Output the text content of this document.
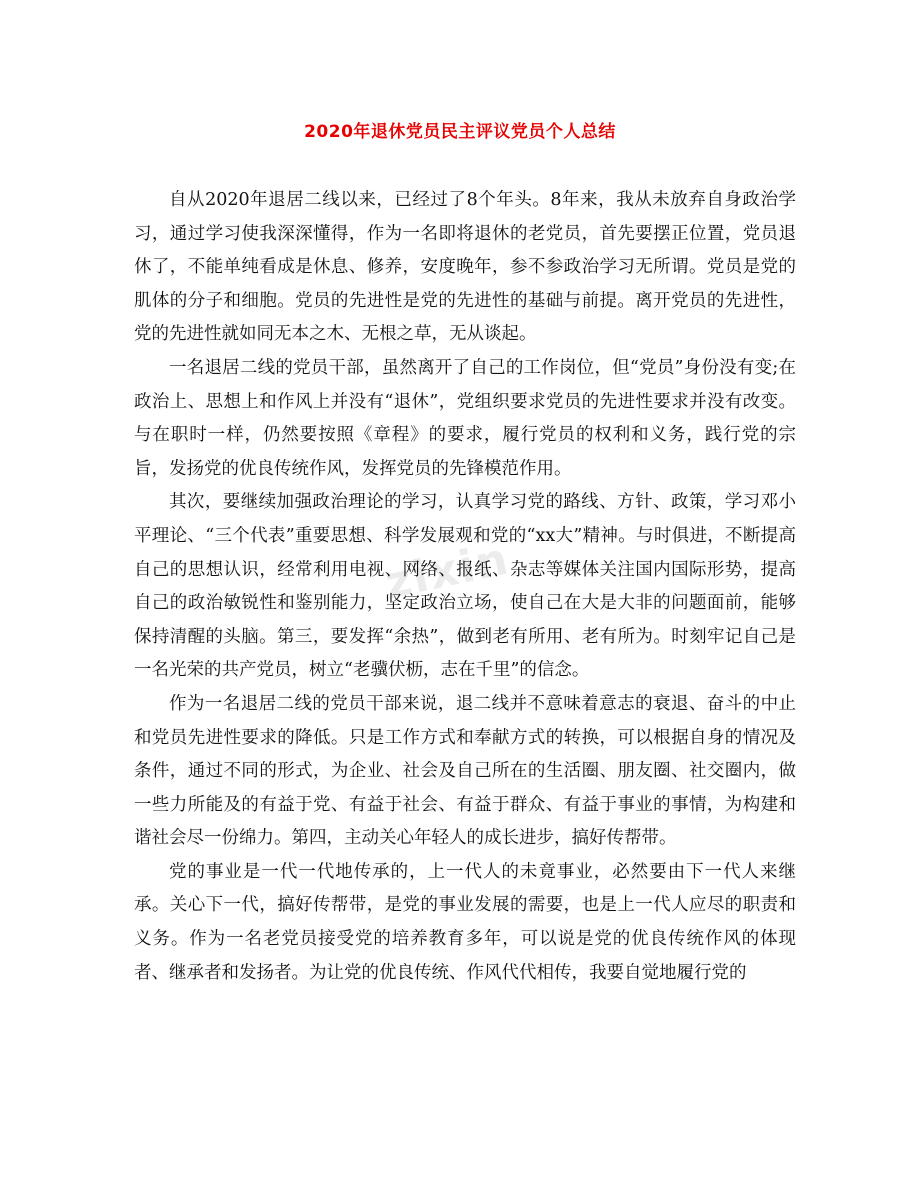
2020年退休党员民主评议党员个人总结
zixin

自从2020年退居二线以来，已经过了8个年头。8年来，我从未放弃自身政治学习，通过学习使我深深懂得，作为一名即将退休的老党员，首先要摆正位置，党员退休了，不能单纯看成是休息、修养，安度晚年，参不参政治学习无所谓。党员是党的肌体的分子和细胞。党员的先进性是党的先进性的基础与前提。离开党员的先进性，党的先进性就如同无本之木、无根之草，无从谈起。

一名退居二线的党员干部，虽然离开了自己的工作岗位，但“党员”身份没有变;在政治上、思想上和作风上并没有“退休”，党组织要求党员的先进性要求并没有改变。与在职时一样，仍然要按照《章程》的要求，履行党员的权利和义务，践行党的宗旨，发扬党的优良传统作风，发挥党员的先锋模范作用。

其次，要继续加强政治理论的学习，认真学习党的路线、方针、政策，学习邓小平理论、“三个代表”重要思想、科学发展观和党的“xx大”精神。与时俱进，不断提高自己的思想认识，经常利用电视、网络、报纸、杂志等媒体关注国内国际形势，提高自己的政治敏锐性和鉴别能力，坚定政治立场，使自己在大是大非的问题面前，能够保持清醒的头脑。第三，要发挥“余热”，做到老有所用、老有所为。时刻牢记自己是一名光荣的共产党员，树立“老骥伏枥，志在千里”的信念。

作为一名退居二线的党员干部来说，退二线并不意味着意志的衰退、奋斗的中止和党员先进性要求的降低。只是工作方式和奉献方式的转换，可以根据自身的情况及条件，通过不同的形式，为企业、社会及自己所在的生活圈、朋友圈、社交圈内，做一些力所能及的有益于党、有益于社会、有益于群众、有益于事业的事情，为构建和谐社会尽一份绵力。第四，主动关心年轻人的成长进步，搞好传帮带。

党的事业是一代一代地传承的，上一代人的未竟事业，必然要由下一代人来继承。关心下一代，搞好传帮带，是党的事业发展的需要，也是上一代人应尽的职责和义务。作为一名老党员接受党的培养教育多年，可以说是党的优良传统作风的体现者、继承者和发扬者。为让党的优良传统、作风代代相传，我要自觉地履行党的
